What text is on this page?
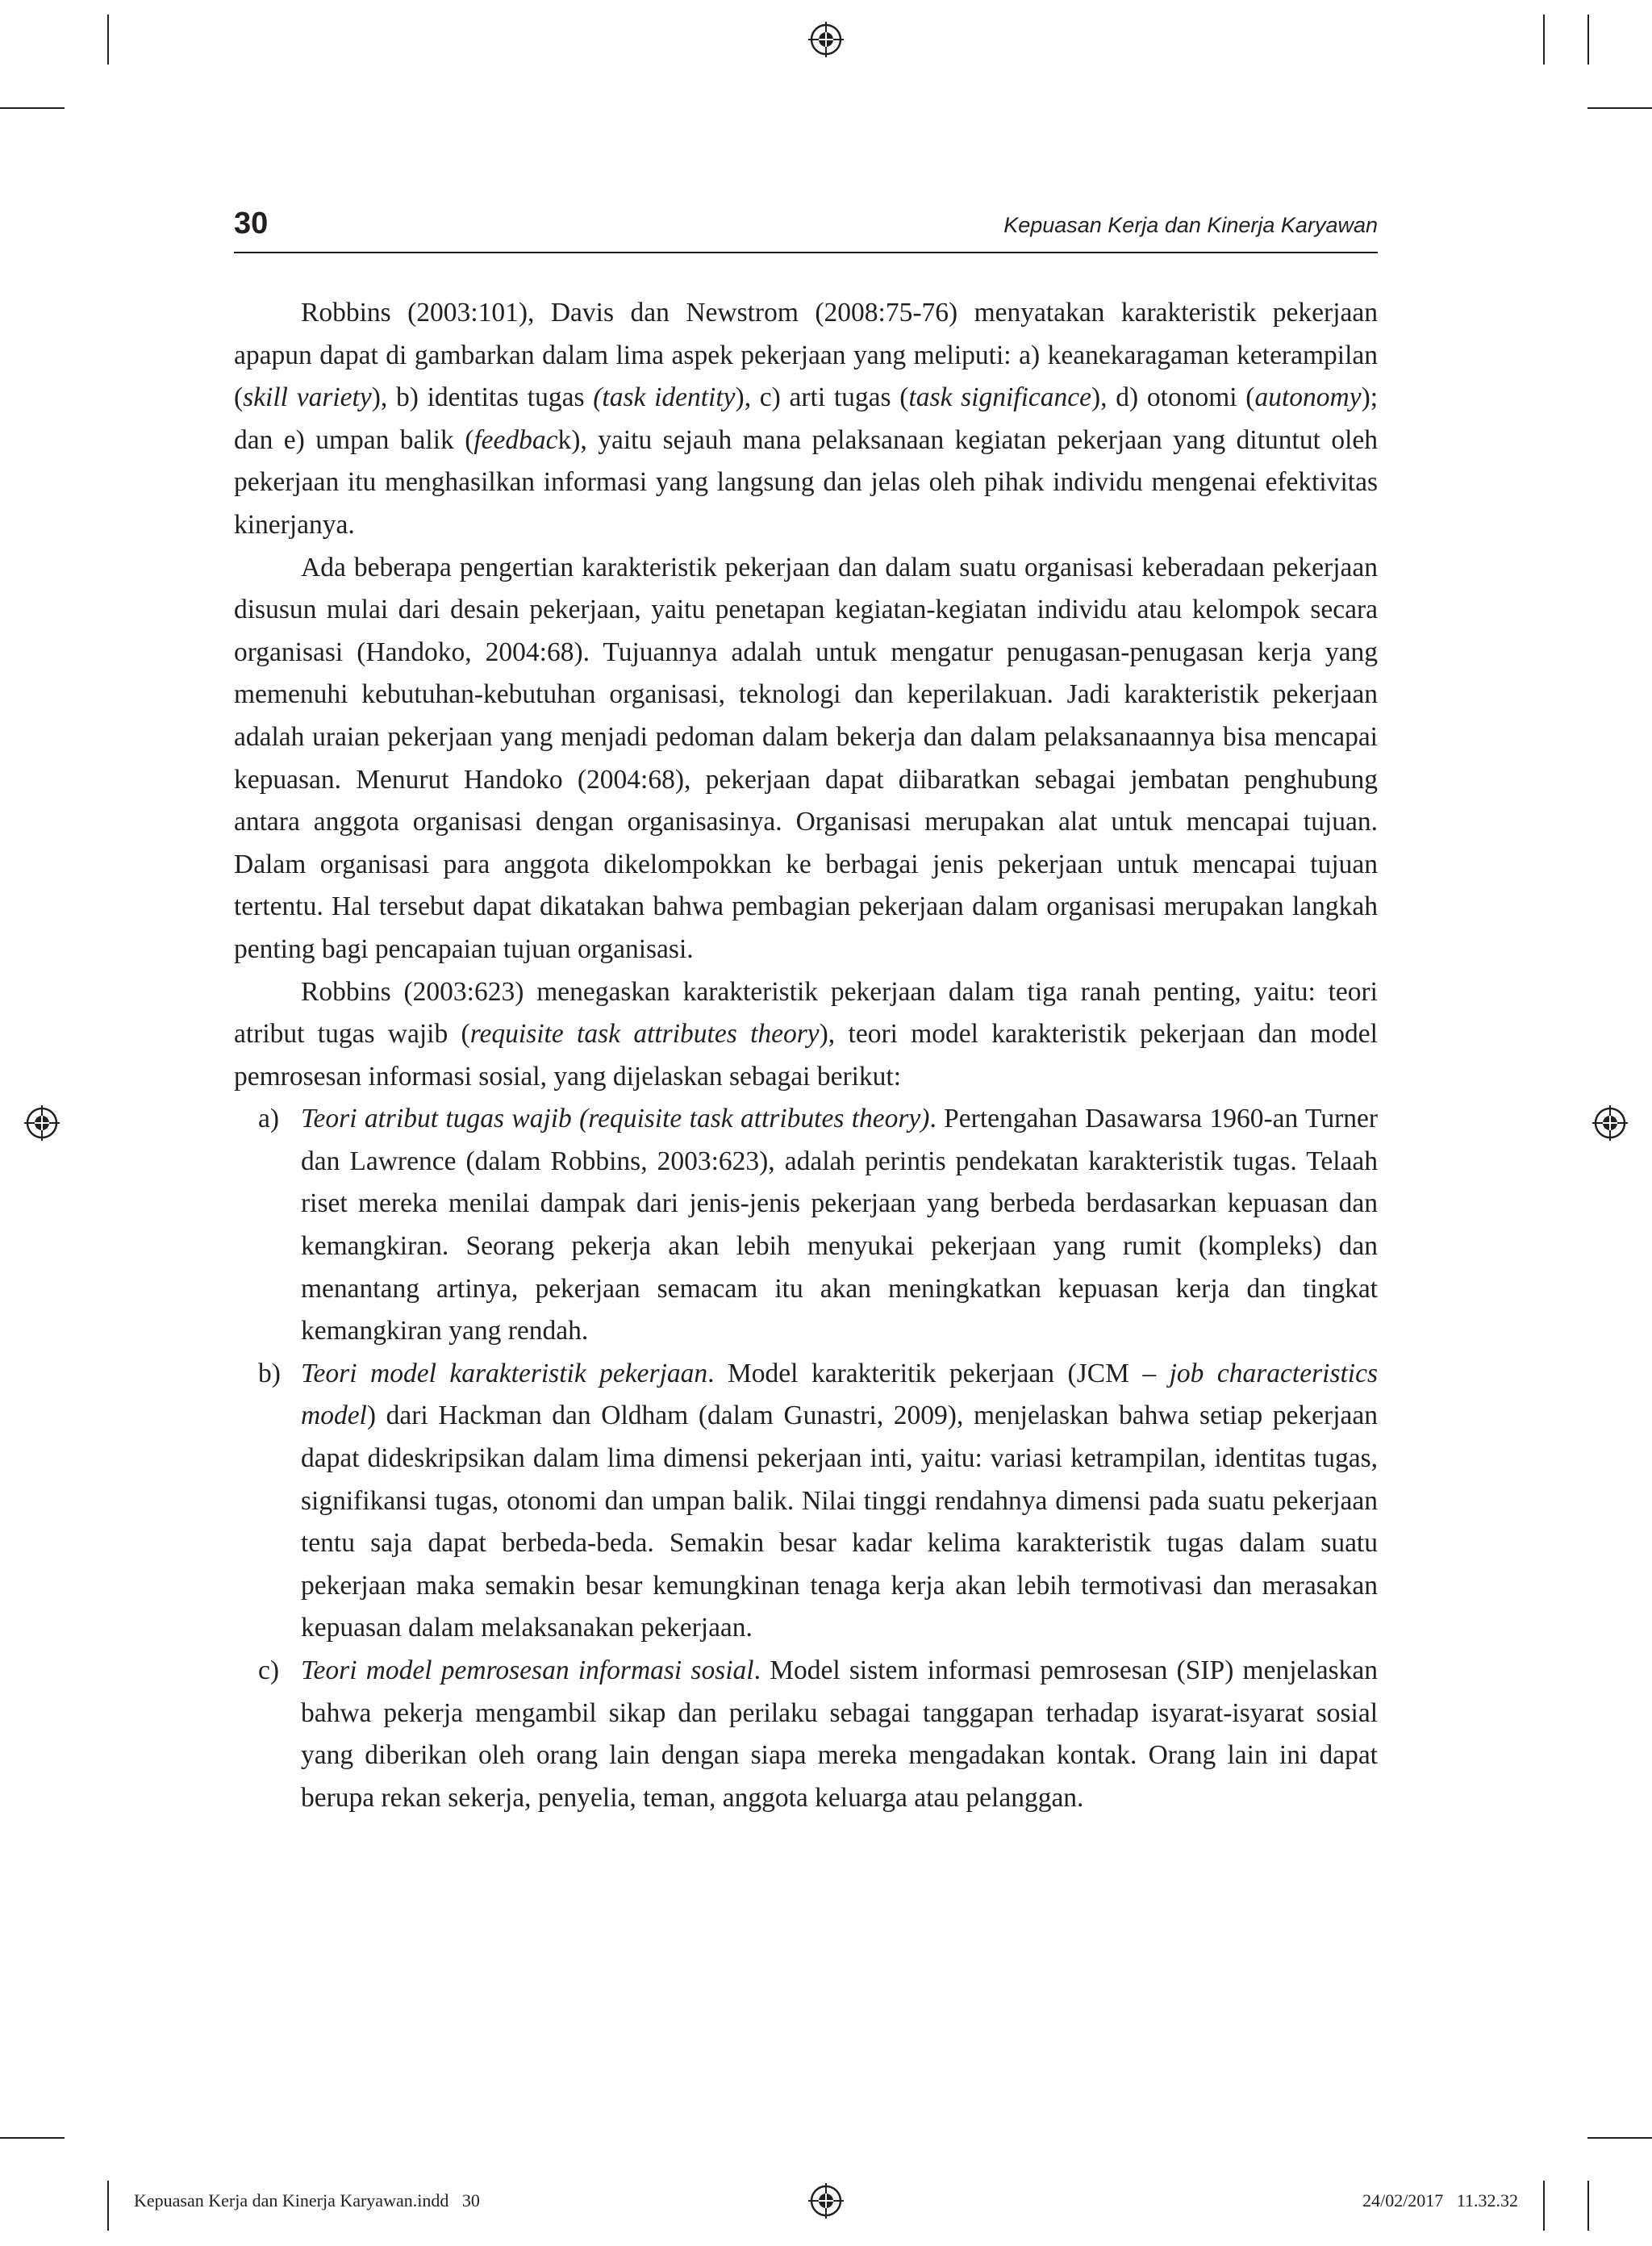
30	Kepuasan Kerja dan Kinerja Karyawan

Robbins (2003:101), Davis dan Newstrom (2008:75-76) menyatakan karakteristik pekerjaan apapun dapat di gambarkan dalam lima aspek pekerjaan yang meliputi: a) keanekaragaman keterampilan (skill variety), b) identitas tugas (task identity), c) arti tugas (task significance), d) otonomi (autonomy); dan e) umpan balik (feedback), yaitu sejauh mana pelaksanaan kegiatan pekerjaan yang dituntut oleh pekerjaan itu menghasilkan informasi yang langsung dan jelas oleh pihak individu mengenai efektivitas kinerjanya.

Ada beberapa pengertian karakteristik pekerjaan dan dalam suatu organisasi keberadaan pekerjaan disusun mulai dari desain pekerjaan, yaitu penetapan kegiatan-kegiatan individu atau kelompok secara organisasi (Handoko, 2004:68). Tujuannya adalah untuk mengatur penugasan-penugasan kerja yang memenuhi kebutuhan-kebutuhan organisasi, teknologi dan keperilakuan. Jadi karakteristik pekerjaan adalah uraian pekerjaan yang menjadi pedoman dalam bekerja dan dalam pelaksanaannya bisa mencapai kepuasan. Menurut Handoko (2004:68), pekerjaan dapat diibaratkan sebagai jembatan penghubung antara anggota organisasi dengan organisasinya. Organisasi merupakan alat untuk mencapai tujuan. Dalam organisasi para anggota dikelompokkan ke berbagai jenis pekerjaan untuk mencapai tujuan tertentu. Hal tersebut dapat dikatakan bahwa pembagian pekerjaan dalam organisasi merupakan langkah penting bagi pencapaian tujuan organisasi.

Robbins (2003:623) menegaskan karakteristik pekerjaan dalam tiga ranah penting, yaitu: teori atribut tugas wajib (requisite task attributes theory), teori model karakteristik pekerjaan dan model pemrosesan informasi sosial, yang dijelaskan sebagai berikut:

a) Teori atribut tugas wajib (requisite task attributes theory). Pertengahan Dasawarsa 1960-an Turner dan Lawrence (dalam Robbins, 2003:623), adalah perintis pendekatan karakteristik tugas. Telaah riset mereka menilai dampak dari jenis-jenis pekerjaan yang berbeda berdasarkan kepuasan dan kemangkiran. Seorang pekerja akan lebih menyukai pekerjaan yang rumit (kompleks) dan menantang artinya, pekerjaan semacam itu akan meningkatkan kepuasan kerja dan tingkat kemangkiran yang rendah.
b) Teori model karakteristik pekerjaan. Model karakteritik pekerjaan (JCM – job characteristics model) dari Hackman dan Oldham (dalam Gunastri, 2009), menjelaskan bahwa setiap pekerjaan dapat dideskripsikan dalam lima dimensi pekerjaan inti, yaitu: variasi ketrampilan, identitas tugas, signifikansi tugas, otonomi dan umpan balik. Nilai tinggi rendahnya dimensi pada suatu pekerjaan tentu saja dapat berbeda-beda. Semakin besar kadar kelima karakteristik tugas dalam suatu pekerjaan maka semakin besar kemungkinan tenaga kerja akan lebih termotivasi dan merasakan kepuasan dalam melaksanakan pekerjaan.
c) Teori model pemrosesan informasi sosial. Model sistem informasi pemrosesan (SIP) menjelaskan bahwa pekerja mengambil sikap dan perilaku sebagai tanggapan terhadap isyarat-isyarat sosial yang diberikan oleh orang lain dengan siapa mereka mengadakan kontak. Orang lain ini dapat berupa rekan sekerja, penyelia, teman, anggota keluarga atau pelanggan.

Kepuasan Kerja dan Kinerja Karyawan.indd   30	24/02/2017   11.32.32
